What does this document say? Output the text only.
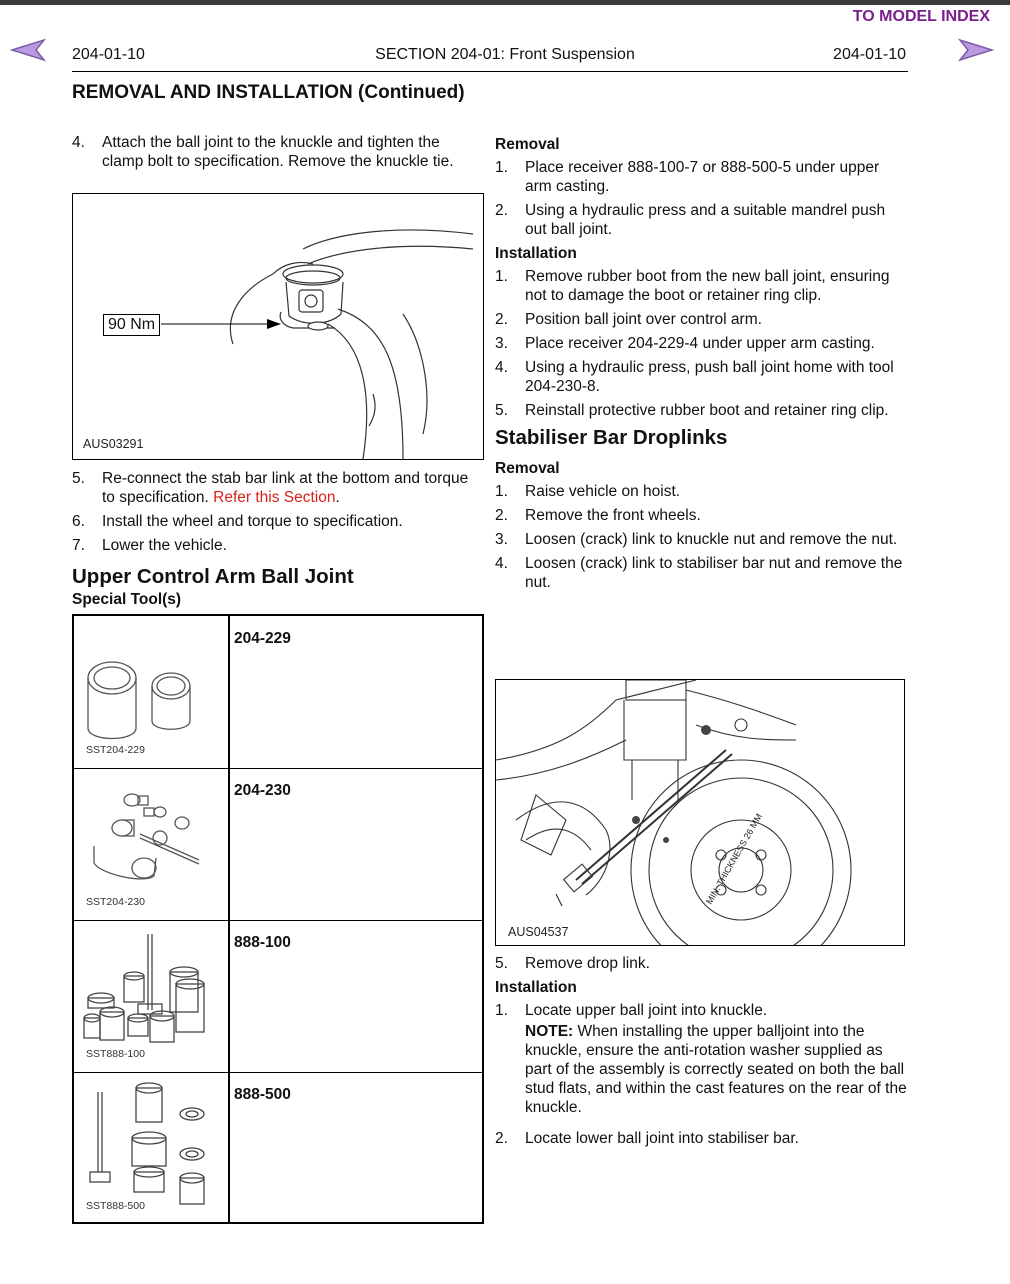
TO MODEL INDEX
204-01-10	SECTION 204-01: Front Suspension	204-01-10
REMOVAL AND INSTALLATION (Continued)
4.	Attach the ball joint to the knuckle and tighten the clamp bolt to specification. Remove the knuckle tie.
90 Nm
AUS03291
5.	Re-connect the stab bar link at the bottom and torque to specification. Refer this Section.
6.	Install the wheel and torque to specification.
7.	Lower the vehicle.
Upper Control Arm Ball Joint
Special Tool(s)
SST204-229
204-229
SST204-230
204-230
SST888-100
888-100
SST888-500
888-500
Removal
1.	Place receiver 888-100-7 or 888-500-5 under upper arm casting.
2.	Using a hydraulic press and a suitable mandrel push out ball joint.
Installation
1.	Remove rubber boot from the new ball joint, ensuring not to damage the boot or retainer ring clip.
2.	Position ball joint over control arm.
3.	Place receiver 204-229-4 under upper arm casting.
4.	Using a hydraulic press, push ball joint home with tool 204-230-8.
5.	Reinstall protective rubber boot and retainer ring clip.
Stabiliser Bar Droplinks
Removal
1.	Raise vehicle on hoist.
2.	Remove the front wheels.
3.	Loosen (crack) link to knuckle nut and remove the nut.
4.	Loosen (crack) link to stabiliser bar nut and remove the nut.
MIN. THICKNESS 26 MM
AUS04537
5.	Remove drop link.
Installation
1.	Locate upper ball joint into knuckle.
NOTE: When installing the upper balljoint into the knuckle, ensure the anti-rotation washer supplied as part of the assembly is correctly seated on both the ball stud flats, and within the cast features on the rear of the knuckle.
2.	Locate lower ball joint into stabiliser bar.
